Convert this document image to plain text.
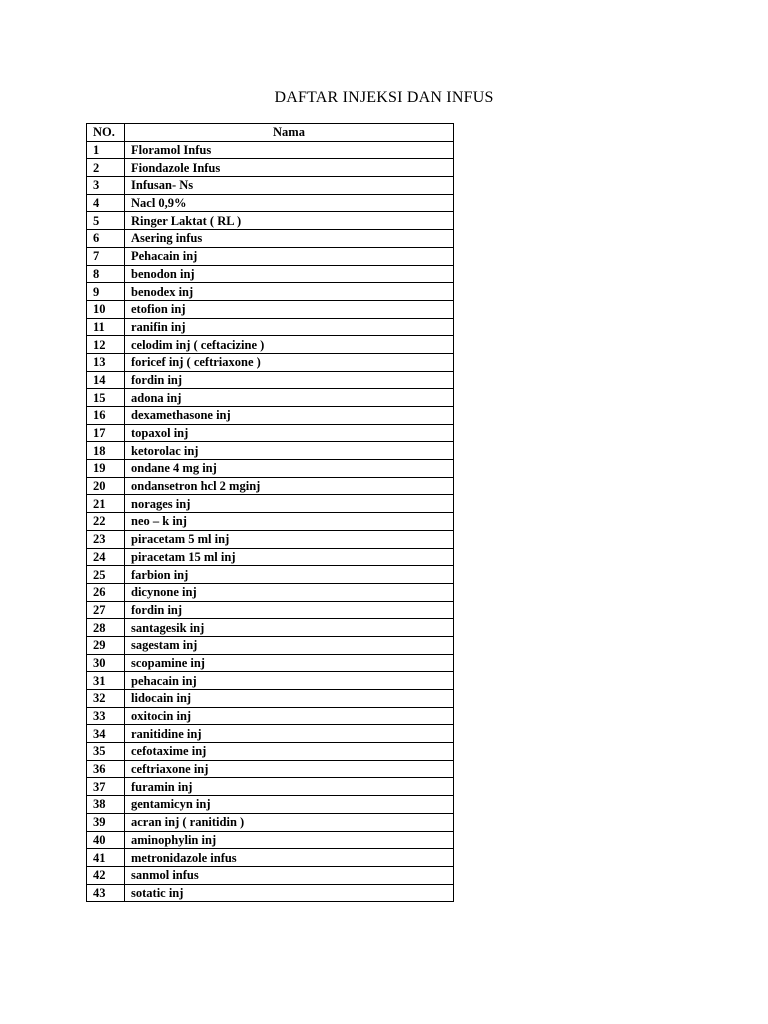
DAFTAR INJEKSI DAN INFUS
NO.	Nama
1	Floramol Infus
2	Fiondazole Infus
3	Infusan- Ns
4	Nacl 0,9%
5	Ringer Laktat ( RL )
6	Asering infus
7	Pehacain inj
8	benodon inj
9	benodex inj
10	etofion inj
11	ranifin inj
12	celodim inj ( ceftacizine )
13	foricef inj ( ceftriaxone )
14	fordin inj
15	adona inj
16	dexamethasone inj
17	topaxol inj
18	ketorolac inj
19	ondane 4 mg inj
20	ondansetron hcl 2 mginj
21	norages inj
22	neo – k inj
23	piracetam 5 ml inj
24	piracetam 15 ml inj
25	farbion inj
26	dicynone inj
27	fordin inj
28	santagesik inj
29	sagestam inj
30	scopamine inj
31	pehacain inj
32	lidocain inj
33	oxitocin inj
34	ranitidine inj
35	cefotaxime inj
36	ceftriaxone inj
37	furamin inj
38	gentamicyn inj
39	acran inj ( ranitidin )
40	aminophylin inj
41	metronidazole infus
42	sanmol infus
43	sotatic inj
